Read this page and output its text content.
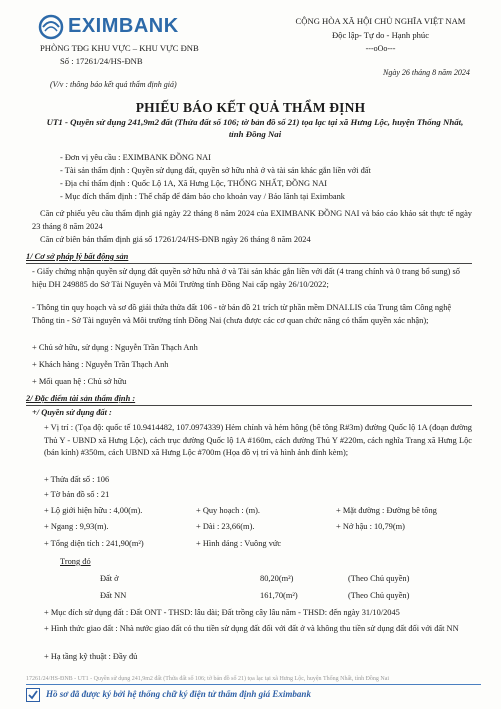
EXIMBANK
PHÒNG TĐG KHU VỰC – KHU VỰC ĐNB
Số : 17261/24/HS-ĐNB
(V/v : thông báo kết quả thẩm định giá)
CỘNG HÒA XÃ HỘI CHỦ NGHĨA VIỆT NAM
Độc lập- Tự do - Hạnh phúc
---oOo---
Ngày 26 tháng 8 năm 2024
PHIẾU BÁO KẾT QUẢ THẨM ĐỊNH
UT1 - Quyền sử dụng 241,9m2 đất (Thửa đất số 106; tờ bản đồ số 21) tọa lạc tại xã Hưng Lộc, huyện Thống Nhất, tỉnh Đồng Nai
- Đơn vị yêu cầu : EXIMBANK ĐỒNG NAI
- Tài sản thẩm định : Quyền sử dụng đất, quyền sở hữu nhà ở và tài sản khác gắn liền với đất
- Địa chỉ thẩm định : Quốc Lộ 1A, Xã Hưng Lộc, THỐNG NHẤT, ĐỒNG NAI
- Mục đích thẩm định : Thế chấp để đảm bảo cho khoản vay / Bảo lãnh tại Eximbank
Căn cứ phiếu yêu cầu thẩm định giá ngày 22 tháng 8 năm 2024 của EXIMBANK ĐỒNG NAI và báo cáo khảo sát thực tế ngày 23 tháng 8 năm 2024
Căn cứ biên bản thẩm định giá số 17261/24/HS-ĐNB ngày 26 tháng 8 năm 2024
1/ Cơ sở pháp lý bất động sản
- Giấy chứng nhận quyền sử dụng đất quyền sở hữu nhà ở và Tài sản khác gắn liền với đất (4 trang chính và 0 trang bổ sung) số hiệu DH 249885 do Sở Tài Nguyên và Môi Trường tỉnh Đồng Nai cấp ngày 26/10/2022;
- Thông tin quy hoạch và sơ đồ giải thửa thửa đất 106 - tờ bản đồ 21 trích từ phần mềm DNAI.LIS của Trung tâm Công nghệ Thông tin - Sở Tài nguyên và Môi trường tỉnh Đồng Nai (chưa được các cơ quan chức năng có thẩm quyền xác nhận);
+ Chủ sở hữu, sử dụng : Nguyễn Trần Thạch Anh
+ Khách hàng : Nguyễn Trần Thạch Anh
+ Mối quan hệ : Chủ sở hữu
2/ Đặc điểm tài sản thẩm định :
+/ Quyền sử dụng đất :
+ Vị trí : (Tọa độ: quốc tế 10.9414482, 107.0974339) Hẻm chính và hẻm hông (bê tông R#3m) đường Quốc lộ 1A (đoạn đường Thủ Y - UBND xã Hưng Lộc), cách trục đường Quốc lộ 1A #160m, cách đường Thủ Y #220m, cách nghĩa Trang xã Hưng Lộc (bán kính) #350m, cách UBND xã Hưng Lộc #700m (Họa đồ vị trí và hình ảnh đính kèm);
+ Thửa đất số : 106
+ Tờ bản đồ số : 21
+ Lộ giới hiện hữu : 4,00(m).	+ Quy hoạch : (m).	+ Mặt đường : Đường bê tông
+ Ngang : 9,93(m).	+ Dài : 23,66(m).	+ Nở hậu : 10,79(m)
+ Tổng diện tích : 241,90(m²)	+ Hình dáng : Vuông vức
Trong đó
Đất ở	80,20(m²)	(Theo Chủ quyền)
Đất NN	161,70(m²)	(Theo Chủ quyền)
+ Mục đích sử dụng đất : Đất ONT - THSD: lâu dài; Đất trồng cây lâu năm - THSD: đến ngày 31/10/2045
+ Hình thức giao đất : Nhà nước giao đất có thu tiền sử dụng đất đối với đất ở và không thu tiền sử dụng đất đối với đất NN
+ Hạ tầng kỹ thuật : Đầy đủ
17261/24/HS-ĐNB - UT1 - Quyền sử dụng 241,9m2 đất (Thửa đất số 106; tờ bản đồ số 21) tọa lạc tại xã Hưng Lộc, huyện Thống Nhất, tỉnh Đồng Nai
Hồ sơ đã được ký bởi hệ thống chữ ký điện tử thẩm định giá Eximbank
